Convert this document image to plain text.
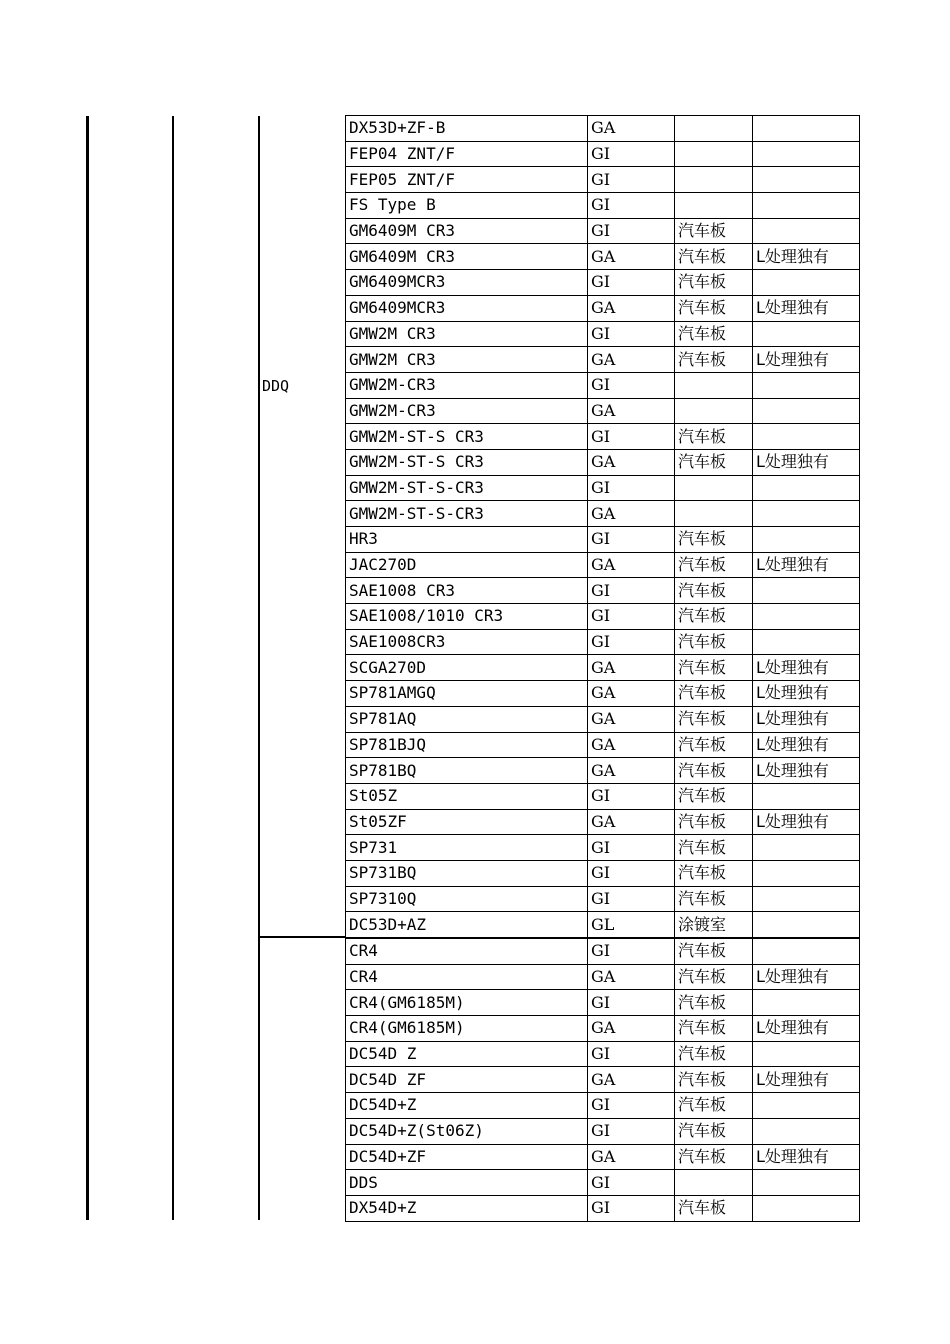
DDQ
DX53D+ZF-B	GA		
FEP04 ZNT/F	GI		
FEP05 ZNT/F	GI		
FS Type B	GI		
GM6409M CR3	GI	汽车板	
GM6409M CR3	GA	汽车板	L处理独有
GM6409MCR3	GI	汽车板	
GM6409MCR3	GA	汽车板	L处理独有
GMW2M CR3	GI	汽车板	
GMW2M CR3	GA	汽车板	L处理独有
GMW2M-CR3	GI		
GMW2M-CR3	GA		
GMW2M-ST-S CR3	GI	汽车板	
GMW2M-ST-S CR3	GA	汽车板	L处理独有
GMW2M-ST-S-CR3	GI		
GMW2M-ST-S-CR3	GA		
HR3	GI	汽车板	
JAC270D	GA	汽车板	L处理独有
SAE1008 CR3	GI	汽车板	
SAE1008/1010 CR3	GI	汽车板	
SAE1008CR3	GI	汽车板	
SCGA270D	GA	汽车板	L处理独有
SP781AMGQ	GA	汽车板	L处理独有
SP781AQ	GA	汽车板	L处理独有
SP781BJQ	GA	汽车板	L处理独有
SP781BQ	GA	汽车板	L处理独有
St05Z	GI	汽车板	
St05ZF	GA	汽车板	L处理独有
SP731	GI	汽车板	
SP731BQ	GI	汽车板	
SP7310Q	GI	汽车板	
DC53D+AZ	GL	涂镀室	
CR4	GI	汽车板	
CR4	GA	汽车板	L处理独有
CR4(GM6185M)	GI	汽车板	
CR4(GM6185M)	GA	汽车板	L处理独有
DC54D Z	GI	汽车板	
DC54D ZF	GA	汽车板	L处理独有
DC54D+Z	GI	汽车板	
DC54D+Z(St06Z)	GI	汽车板	
DC54D+ZF	GA	汽车板	L处理独有
DDS	GI		
DX54D+Z	GI	汽车板	
